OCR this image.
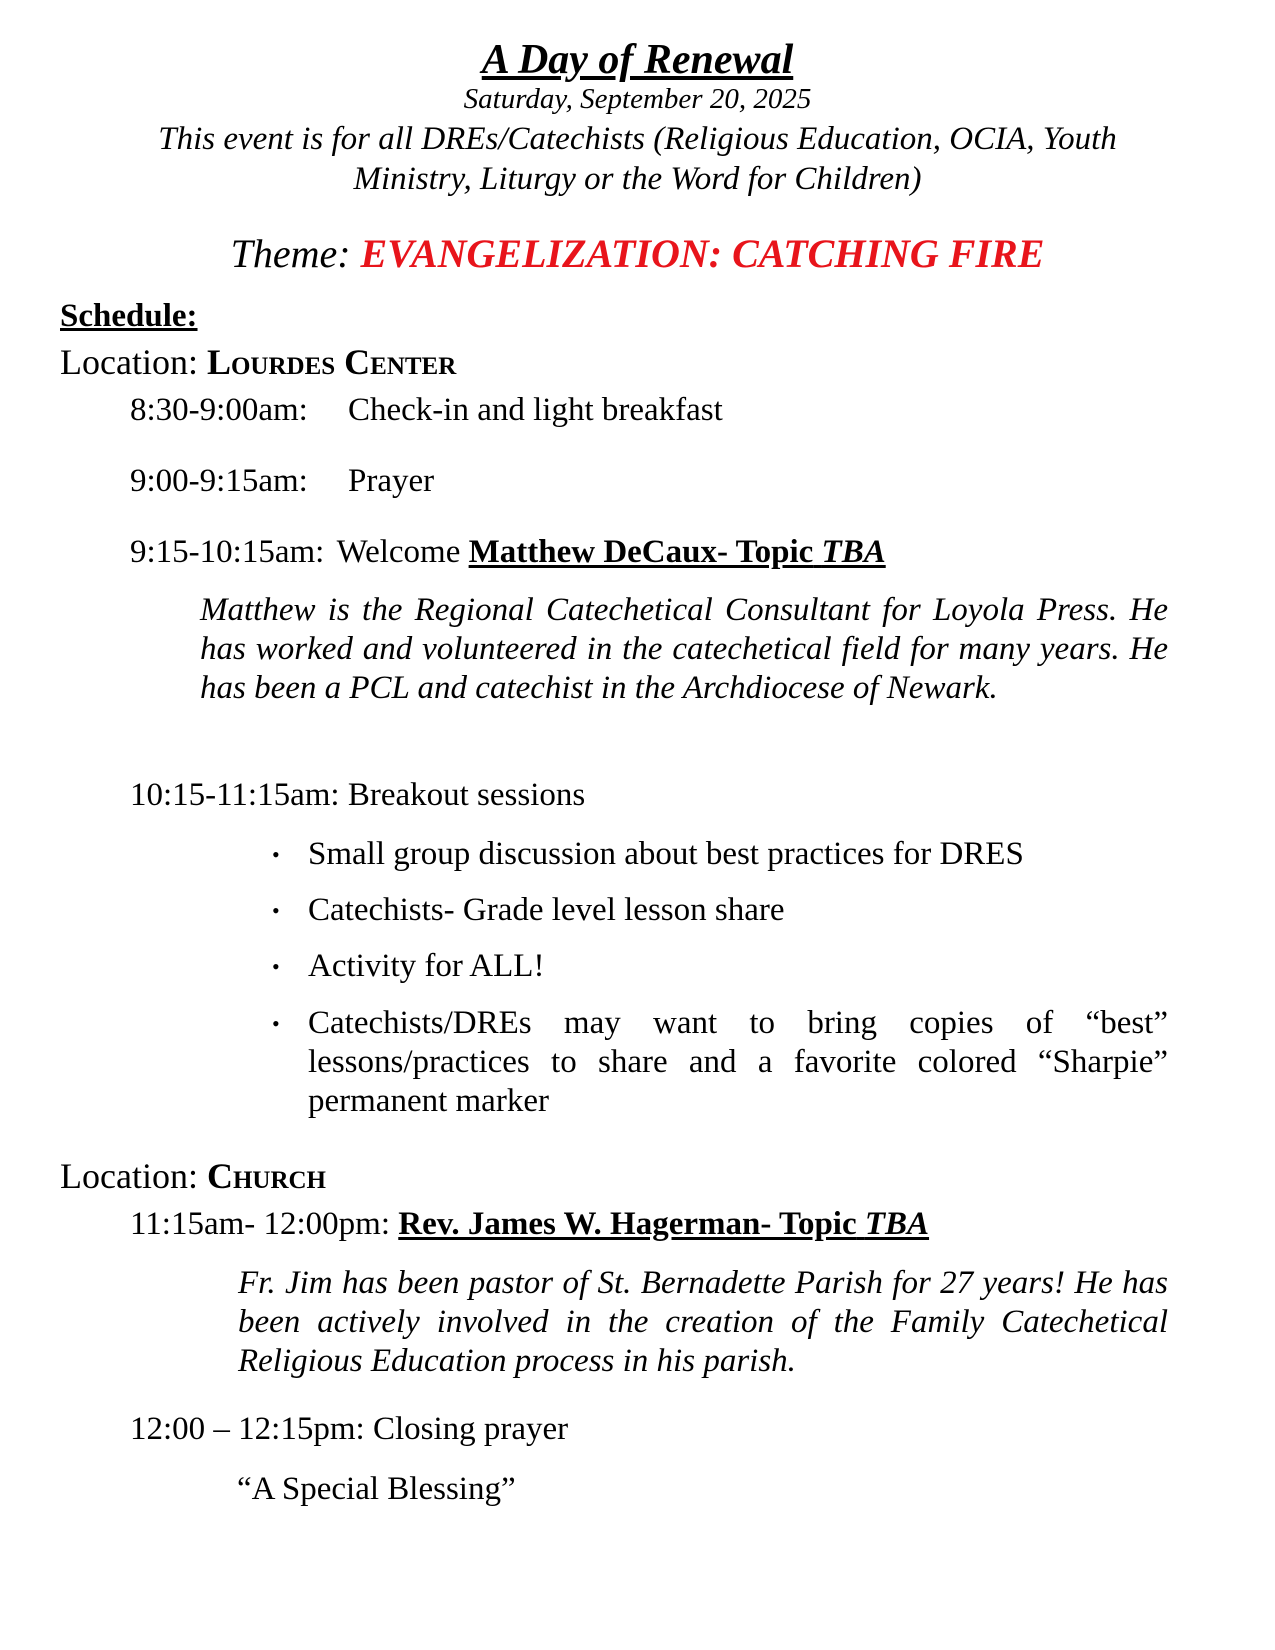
A Day of Renewal
Saturday, September 20, 2025
This event is for all DREs/Catechists (Religious Education, OCIA, Youth
Ministry, Liturgy or the Word for Children)
Theme: EVANGELIZATION: CATCHING FIRE
Schedule:
Location: Lourdes Center
8:30-9:00am: Check-in and light breakfast
9:00-9:15am: Prayer
9:15-10:15am: Welcome Matthew DeCaux- Topic TBA
Matthew is the Regional Catechetical Consultant for Loyola Press. He has worked and volunteered in the catechetical field for many years. He has been a PCL and catechist in the Archdiocese of Newark.
10:15-11:15am: Breakout sessions
• Small group discussion about best practices for DRES
• Catechists- Grade level lesson share
• Activity for ALL!
• Catechists/DREs may want to bring copies of “best” lessons/practices to share and a favorite colored “Sharpie” permanent marker
Location: Church
11:15am- 12:00pm: Rev. James W. Hagerman- Topic TBA
Fr. Jim has been pastor of St. Bernadette Parish for 27 years! He has been actively involved in the creation of the Family Catechetical Religious Education process in his parish.
12:00 – 12:15pm: Closing prayer
“A Special Blessing”
